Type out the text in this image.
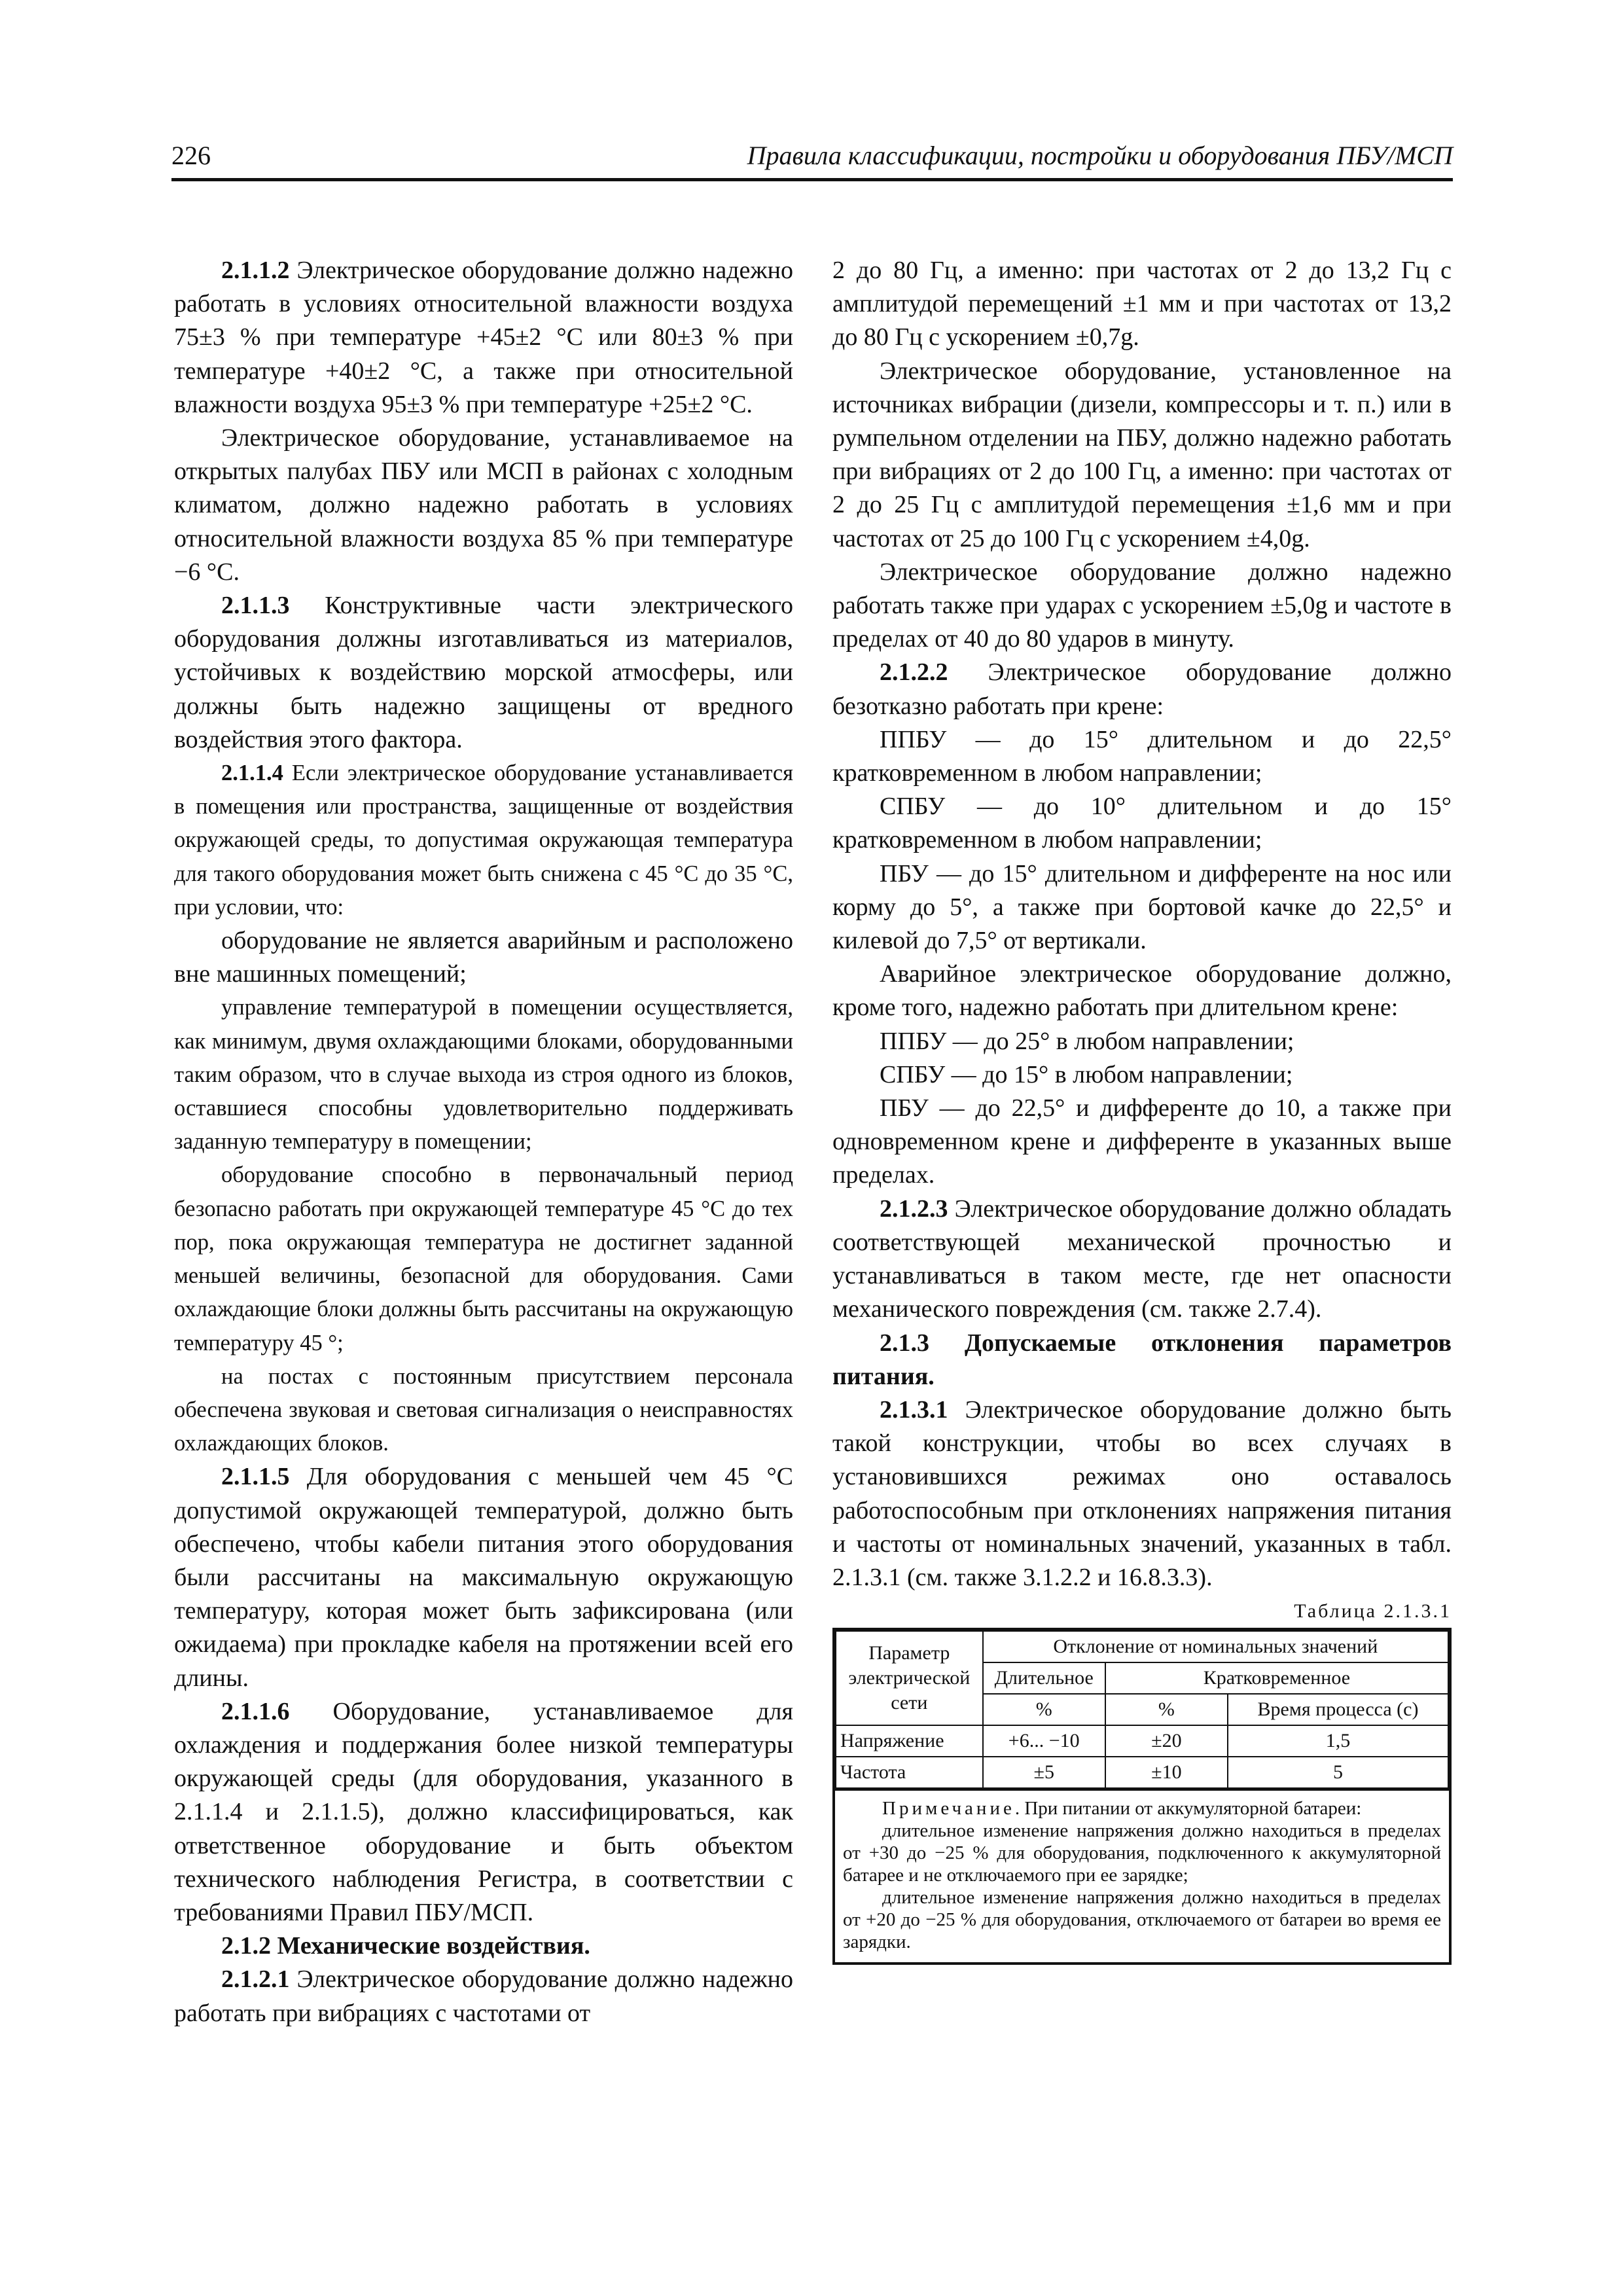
226	Правила классификации, постройки и оборудования ПБУ/МСП

2.1.1.2 Электрическое оборудование должно надежно работать в условиях относительной влажности воздуха 75±3 % при температуре +45±2 °С или 80±3 % при температуре +40±2 °С, а также при относительной влажности воздуха 95±3 % при температуре +25±2 °С.

Электрическое оборудование, устанавливаемое на открытых палубах ПБУ или МСП в районах с холодным климатом, должно надежно работать в условиях относительной влажности воздуха 85 % при температуре −6 °С.

2.1.1.3 Конструктивные части электрического оборудования должны изготавливаться из материалов, устойчивых к воздействию морской атмосферы, или должны быть надежно защищены от вредного воздействия этого фактора.

2.1.1.4 Если электрическое оборудование устанавливается в помещения или пространства, защищенные от воздействия окружающей среды, то допустимая окружающая температура для такого оборудования может быть снижена с 45 °С до 35 °С, при условии, что:

оборудование не является аварийным и расположено вне машинных помещений;

управление температурой в помещении осуществляется, как минимум, двумя охлаждающими блоками, оборудованными таким образом, что в случае выхода из строя одного из блоков, оставшиеся способны удовлетворительно поддерживать заданную температуру в помещении;

оборудование способно в первоначальный период безопасно работать при окружающей температуре 45 °С до тех пор, пока окружающая температура не достигнет заданной меньшей величины, безопасной для оборудования. Сами охлаждающие блоки должны быть рассчитаны на окружающую температуру 45 °;

на постах с постоянным присутствием персонала обеспечена звуковая и световая сигнализация о неисправностях охлаждающих блоков.

2.1.1.5 Для оборудования с меньшей чем 45 °С допустимой окружающей температурой, должно быть обеспечено, чтобы кабели питания этого оборудования были рассчитаны на максимальную окружающую температуру, которая может быть зафиксирована (или ожидаема) при прокладке кабеля на протяжении всей его длины.

2.1.1.6 Оборудование, устанавливаемое для охлаждения и поддержания более низкой температуры окружающей среды (для оборудования, указанного в 2.1.1.4 и 2.1.1.5), должно классифицироваться, как ответственное оборудование и быть объектом технического наблюдения Регистра, в соответствии с требованиями Правил ПБУ/МСП.

2.1.2 Механические воздействия.

2.1.2.1 Электрическое оборудование должно надежно работать при вибрациях с частотами от

2 до 80 Гц, а именно: при частотах от 2 до 13,2 Гц с амплитудой перемещений ±1 мм и при частотах от 13,2 до 80 Гц с ускорением ±0,7g.

Электрическое оборудование, установленное на источниках вибрации (дизели, компрессоры и т. п.) или в румпельном отделении на ПБУ, должно надежно работать при вибрациях от 2 до 100 Гц, а именно: при частотах от 2 до 25 Гц с амплитудой перемещения ±1,6 мм и при частотах от 25 до 100 Гц с ускорением ±4,0g.

Электрическое оборудование должно надежно работать также при ударах с ускорением ±5,0g и частоте в пределах от 40 до 80 ударов в минуту.

2.1.2.2 Электрическое оборудование должно безотказно работать при крене:

ППБУ — до 15° длительном и до 22,5° кратковременном в любом направлении;

СПБУ — до 10° длительном и до 15° кратковременном в любом направлении;

ПБУ — до 15° длительном и дифференте на нос или корму до 5°, а также при бортовой качке до 22,5° и килевой до 7,5° от вертикали.

Аварийное электрическое оборудование должно, кроме того, надежно работать при длительном крене:

ППБУ — до 25° в любом направлении;

СПБУ — до 15° в любом направлении;

ПБУ — до 22,5° и дифференте до 10, а также при одновременном крене и дифференте в указанных выше пределах.

2.1.2.3 Электрическое оборудование должно обладать соответствующей механической прочностью и устанавливаться в таком месте, где нет опасности механического повреждения (см. также 2.7.4).

2.1.3 Допускаемые отклонения параметров питания.

2.1.3.1 Электрическое оборудование должно быть такой конструкции, чтобы во всех случаях в установившихся режимах оно оставалось работоспособным при отклонениях напряжения питания и частоты от номинальных значений, указанных в табл. 2.1.3.1 (см. также 3.1.2.2 и 16.8.3.3).

Таблица 2.1.3.1

Параметр электрической сети	Отклонение от номинальных значений		
	Длительное	Кратковременное	
	%	%	Время процесса (с)
Напряжение	+6... −10	±20	1,5
Частота	±5	±10	5

Примечание. При питании от аккумуляторной батареи:

длительное изменение напряжения должно находиться в пределах от +30 до −25 % для оборудования, подключенного к аккумуляторной батарее и не отключаемого при ее зарядке;

длительное изменение напряжения должно находиться в пределах от +20 до −25 % для оборудования, отключаемого от батареи во время ее зарядки.
